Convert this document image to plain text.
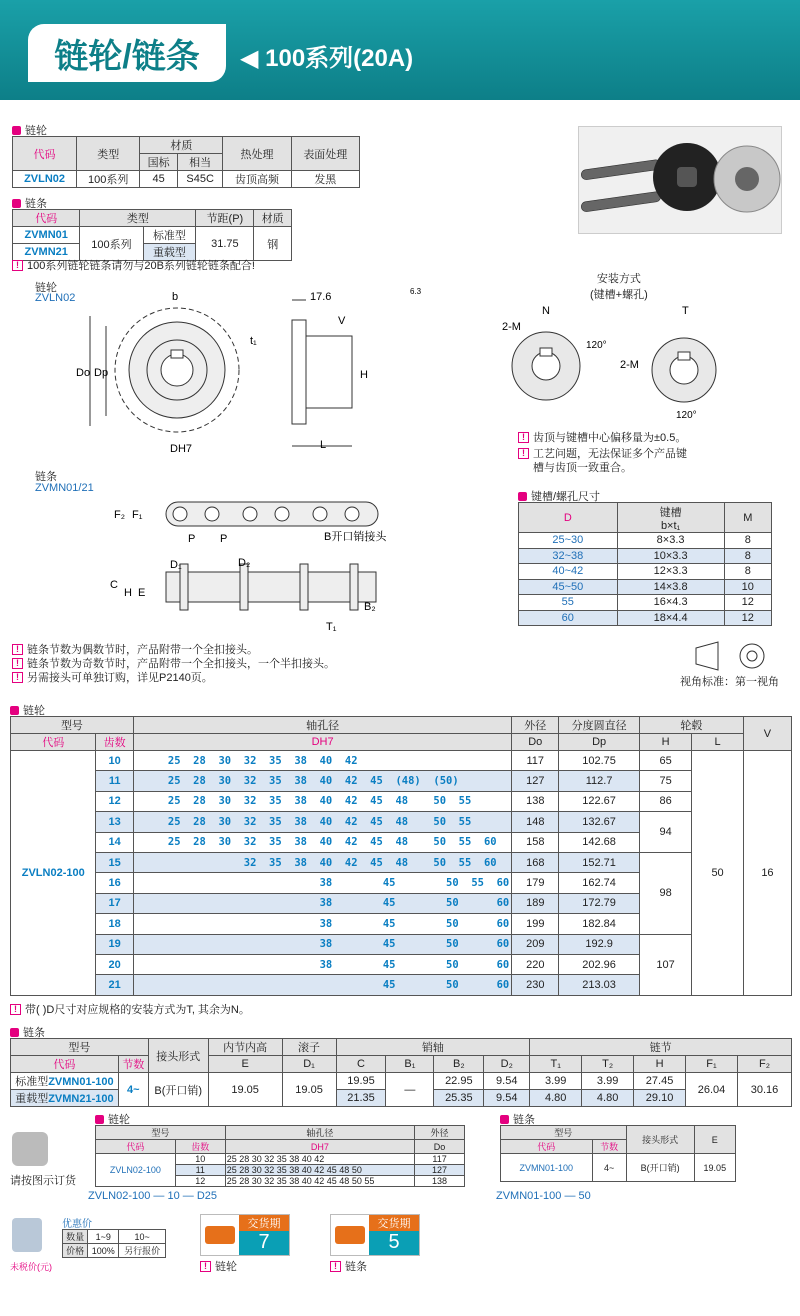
链轮/链条	◀ 100系列(20A)
链轮
代码	类型	材质		热处理	表面处理
		国标	相当		
ZVLN02	100系列	45	S45C	齿顶高频	发黑
链条
代码	类型		节距(P)	材质
ZVMN01	100系列	标准型	31.75	钢
ZVMN21		重载型		
! 100系列链轮链条请勿与20B系列链轮链条配合!
链轮
ZVLN02	b	17.6
V
t₁
Do Dp	H
L
DH7
6.3
链条
ZVMN01/21
F₂ F₁
P P	B开口销接头
D₁	D₂
C
H E
B₂
T₁
安装方式
(键槽+螺孔)
N	T
2-M
2-M
120°
120°
! 齿顶与键槽中心偏移量为±0.5。
! 工艺问题，无法保证多个产品键
槽与齿顶一致重合。
键槽/螺孔尺寸
D	键槽
b×t₁	M
25~30	8×3.3	8
32~38	10×3.3	8
40~42	12×3.3	8
45~50	14×3.8	10
55	16×4.3	12
60	18×4.4	12
! 链条节数为偶数节时，产品附带一个全扣接头。
! 链条节数为奇数节时，产品附带一个全扣接头，一个半扣接头。
! 另需接头可单独订购，详见P2140页。	视角标准：第一视角
链轮
型号		轴孔径	外径	分度圆直径	轮毂		V
代码	齿数	DH7	Do	Dp	H	L	
ZVLN02-100	10	25  28  30  32  35  38  40  42	117	102.75	65	50	16
	11	25  28  30  32  35  38  40  42  45  (48)  (50)	127	112.7	75		
	12	25  28  30  32  35  38  40  42  45  48    50  55	138	122.67	86		
	13	25  28  30  32  35  38  40  42  45  48    50  55	148	132.67	94		
	14	25  28  30  32  35  38  40  42  45  48    50  55  60	158	142.68			
	15	32  35  38  40  42  45  48    50  55  60	168	152.71	98		
	16	38        45        50  55  60	179	162.74			
	17	38        45        50      60	189	172.79			
	18	38        45        50      60	199	182.84			
	19	38        45        50      60	209	192.9	107		
	20	38        45        50      60	220	202.96			
	21	45        50      60	230	213.03			
! 带( )D尺寸对应规格的安装方式为T, 其余为N。
链条
型号		接头形式	内节内高	滚子	销轴				链节				
代码	节数		E	D₁	C	B₁	B₂	D₂	T₁	T₂	H	F₁	F₂
标准型ZVMN01-100	4~	B(开口销)	19.05	19.05	19.95	—	22.95	9.54	3.99	3.99	27.45	26.04	30.16
重载型ZVMN21-100					21.35		25.35	9.54	4.80	4.80	29.10		
请按图示订货
链轮
型号		轴孔径	外径
代码	齿数	DH7	Do
ZVLN02-100	10	25 28 30 32 35 38 40 42	117
	11	25 28 30 32 35 38 40 42 45 48 50	127
	12	25 28 30 32 35 38 40 42 45 48 50 55	138
ZVLN02-100 — 10 — D25
链条
型号		接头形式	E
代码	节数		
ZVMN01-100	4~	B(开口销)	19.05
ZVMN01-100 — 50
优惠价
数量	1~9	10~
价格	100%	另行报价
未税价(元)
交货期
7
! 链轮
交货期
5
! 链条
